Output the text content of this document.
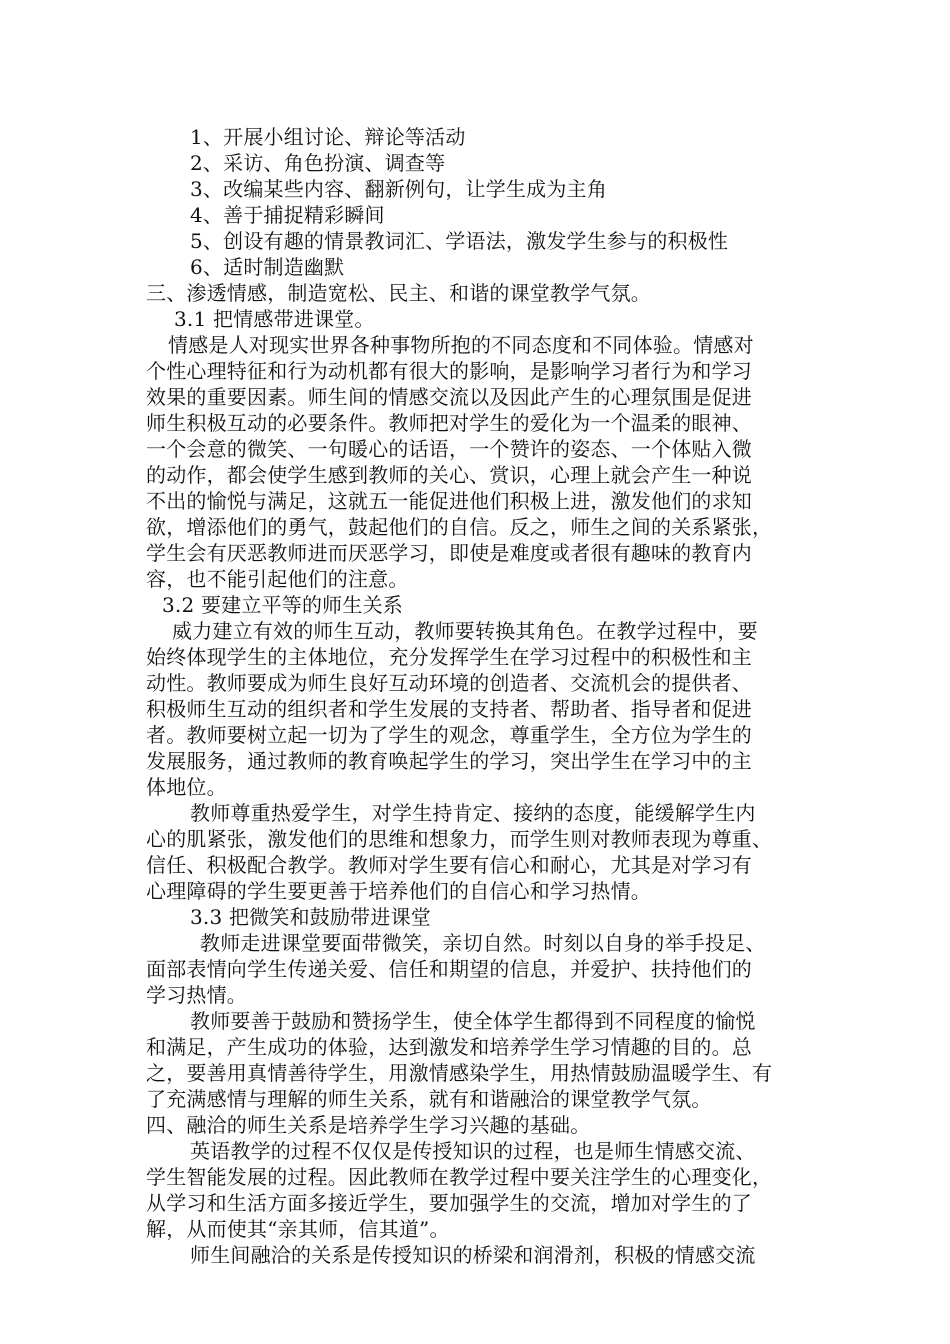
1、开展小组讨论、辩论等活动
2、采访、角色扮演、调查等
3、改编某些内容、翻新例句，让学生成为主角
4、善于捕捉精彩瞬间
5、创设有趣的情景教词汇、学语法，激发学生参与的积极性
6、适时制造幽默
三、渗透情感，制造宽松、民主、和谐的课堂教学气氛。
3.1 把情感带进课堂。
情感是人对现实世界各种事物所抱的不同态度和不同体验。情感对
个性心理特征和行为动机都有很大的影响，是影响学习者行为和学习
效果的重要因素。师生间的情感交流以及因此产生的心理氛围是促进
师生积极互动的必要条件。教师把对学生的爱化为一个温柔的眼神、
一个会意的微笑、一句暖心的话语，一个赞许的姿态、一个体贴入微
的动作，都会使学生感到教师的关心、赏识，心理上就会产生一种说
不出的愉悦与满足，这就五一能促进他们积极上进，激发他们的求知
欲，增添他们的勇气，鼓起他们的自信。反之，师生之间的关系紧张，
学生会有厌恶教师进而厌恶学习，即使是难度或者很有趣味的教育内
容，也不能引起他们的注意。
3.2 要建立平等的师生关系
威力建立有效的师生互动，教师要转换其角色。在教学过程中，要
始终体现学生的主体地位，充分发挥学生在学习过程中的积极性和主
动性。教师要成为师生良好互动环境的创造者、交流机会的提供者、
积极师生互动的组织者和学生发展的支持者、帮助者、指导者和促进
者。教师要树立起一切为了学生的观念，尊重学生，全方位为学生的
发展服务，通过教师的教育唤起学生的学习，突出学生在学习中的主
体地位。
教师尊重热爱学生，对学生持肯定、接纳的态度，能缓解学生内
心的肌紧张，激发他们的思维和想象力，而学生则对教师表现为尊重、
信任、积极配合教学。教师对学生要有信心和耐心，尤其是对学习有
心理障碍的学生要更善于培养他们的自信心和学习热情。
3.3 把微笑和鼓励带进课堂
教师走进课堂要面带微笑，亲切自然。时刻以自身的举手投足、
面部表情向学生传递关爱、信任和期望的信息，并爱护、扶持他们的
学习热情。
教师要善于鼓励和赞扬学生，使全体学生都得到不同程度的愉悦
和满足，产生成功的体验，达到激发和培养学生学习情趣的目的。总
之，要善用真情善待学生，用激情感染学生，用热情鼓励温暖学生、有
了充满感情与理解的师生关系，就有和谐融洽的课堂教学气氛。
四、融洽的师生关系是培养学生学习兴趣的基础。
英语教学的过程不仅仅是传授知识的过程，也是师生情感交流、
学生智能发展的过程。因此教师在教学过程中要关注学生的心理变化，
从学习和生活方面多接近学生，要加强学生的交流，增加对学生的了
解，从而使其“亲其师，信其道”。
师生间融洽的关系是传授知识的桥梁和润滑剂，积极的情感交流
